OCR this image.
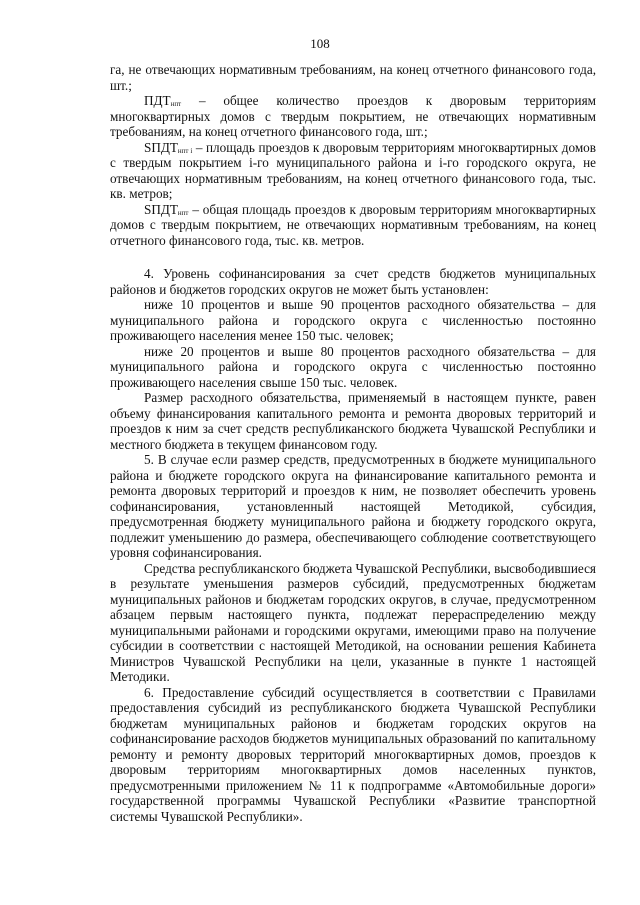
108

га, не отвечающих нормативным требованиям, на конец отчетного финансового года, шт.;

$ПДТ_{нпт}$ – общее количество проездов к дворовым территориям многоквартирных домов с твердым покрытием, не отвечающих нормативным требованиям, на конец отчетного финансового года, шт.;

$SПДТ_{нпт i}$ – площадь проездов к дворовым территориям многоквартирных домов с твердым покрытием i-го муниципального района и i-го городского округа, не отвечающих нормативным требованиям, на конец отчетного финансового года, тыс. кв. метров;

$SПДТ_{нпт}$ – общая площадь проездов к дворовым территориям многоквартирных домов с твердым покрытием, не отвечающих нормативным требованиям, на конец отчетного финансового года, тыс. кв. метров.

4. Уровень софинансирования за счет средств бюджетов муниципальных районов и бюджетов городских округов не может быть установлен:

ниже 10 процентов и выше 90 процентов расходного обязательства – для муниципального района и городского округа с численностью постоянно проживающего населения менее 150 тыс. человек;

ниже 20 процентов и выше 80 процентов расходного обязательства – для муниципального района и городского округа с численностью постоянно проживающего населения свыше 150 тыс. человек.

Размер расходного обязательства, применяемый в настоящем пункте, равен объему финансирования капитального ремонта и ремонта дворовых территорий и проездов к ним за счет средств республиканского бюджета Чувашской Республики и местного бюджета в текущем финансовом году.

5. В случае если размер средств, предусмотренных в бюджете муниципального района и бюджете городского округа на финансирование капитального ремонта и ремонта дворовых территорий и проездов к ним, не позволяет обеспечить уровень софинансирования, установленный настоящей Методикой, субсидия, предусмотренная бюджету муниципального района и бюджету городского округа, подлежит уменьшению до размера, обеспечивающего соблюдение соответствующего уровня софинансирования.

Средства республиканского бюджета Чувашской Республики, высвободившиеся в результате уменьшения размеров субсидий, предусмотренных бюджетам муниципальных районов и бюджетам городских округов, в случае, предусмотренном абзацем первым настоящего пункта, подлежат перераспределению между муниципальными районами и городскими округами, имеющими право на получение субсидии в соответствии с настоящей Методикой, на основании решения Кабинета Министров Чувашской Республики на цели, указанные в пункте 1 настоящей Методики.

6. Предоставление субсидий осуществляется в соответствии с Правилами предоставления субсидий из республиканского бюджета Чувашской Республики бюджетам муниципальных районов и бюджетам городских округов на софинансирование расходов бюджетов муниципальных образований по капитальному ремонту и ремонту дворовых территорий многоквартирных домов, проездов к дворовым территориям многоквартирных домов населенных пунктов, предусмотренными приложением № 11 к подпрограмме «Автомобильные дороги» государственной программы Чувашской Республики «Развитие транспортной системы Чувашской Республики».
